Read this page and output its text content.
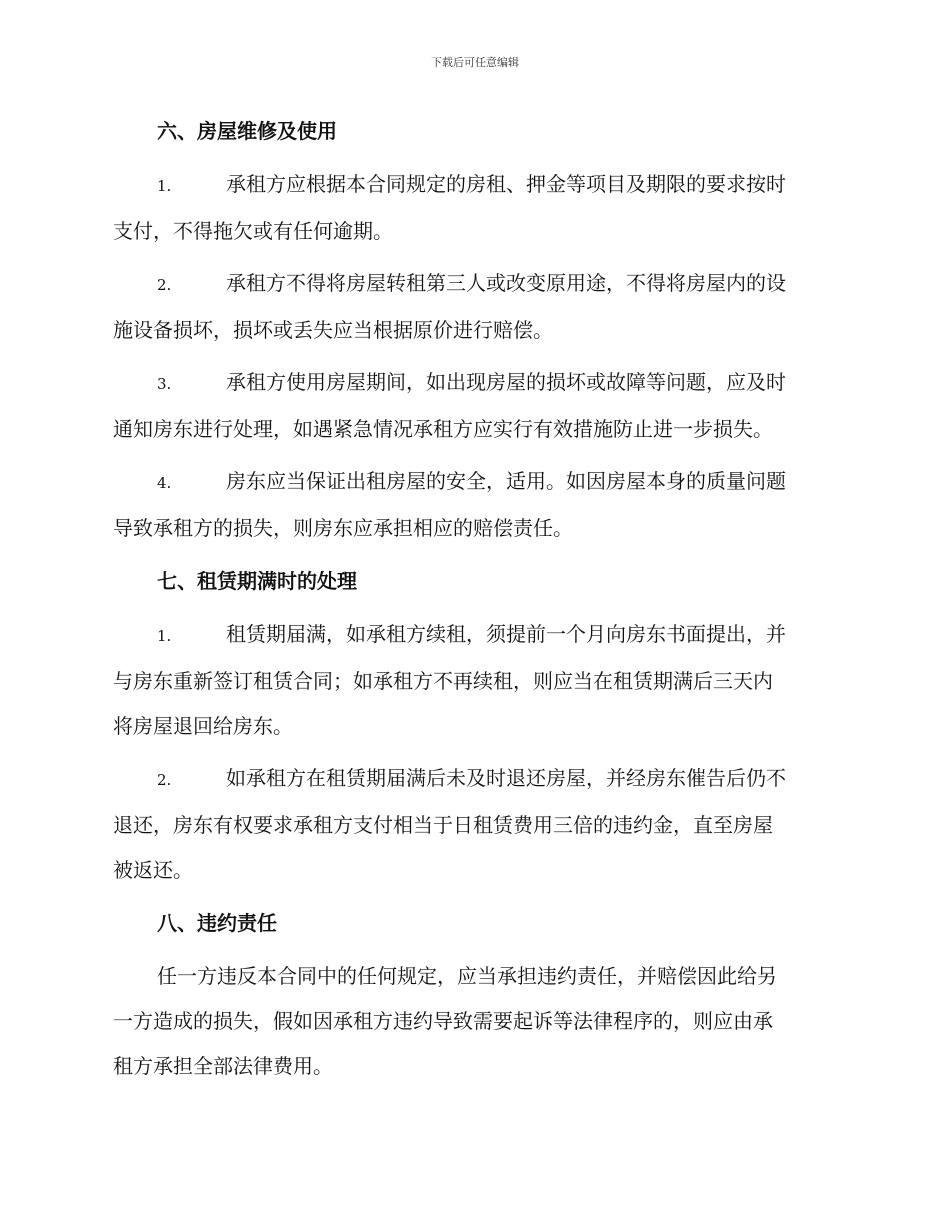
下载后可任意编辑
六、房屋维修及使用
1.	承租方应根据本合同规定的房租、押金等项目及期限的要求按时
支付，不得拖欠或有任何逾期。
2.	承租方不得将房屋转租第三人或改变原用途，不得将房屋内的设
施设备损坏，损坏或丢失应当根据原价进行赔偿。
3.	承租方使用房屋期间，如出现房屋的损坏或故障等问题，应及时
通知房东进行处理，如遇紧急情况承租方应实行有效措施防止进一步损失。
4.	房东应当保证出租房屋的安全，适用。如因房屋本身的质量问题
导致承租方的损失，则房东应承担相应的赔偿责任。
七、租赁期满时的处理
1.	租赁期届满，如承租方续租，须提前一个月向房东书面提出，并
与房东重新签订租赁合同；如承租方不再续租，则应当在租赁期满后三天内
将房屋退回给房东。
2.	如承租方在租赁期届满后未及时退还房屋，并经房东催告后仍不
退还，房东有权要求承租方支付相当于日租赁费用三倍的违约金，直至房屋
被返还。
八、违约责任
任一方违反本合同中的任何规定，应当承担违约责任，并赔偿因此给另
一方造成的损失，假如因承租方违约导致需要起诉等法律程序的，则应由承
租方承担全部法律费用。
